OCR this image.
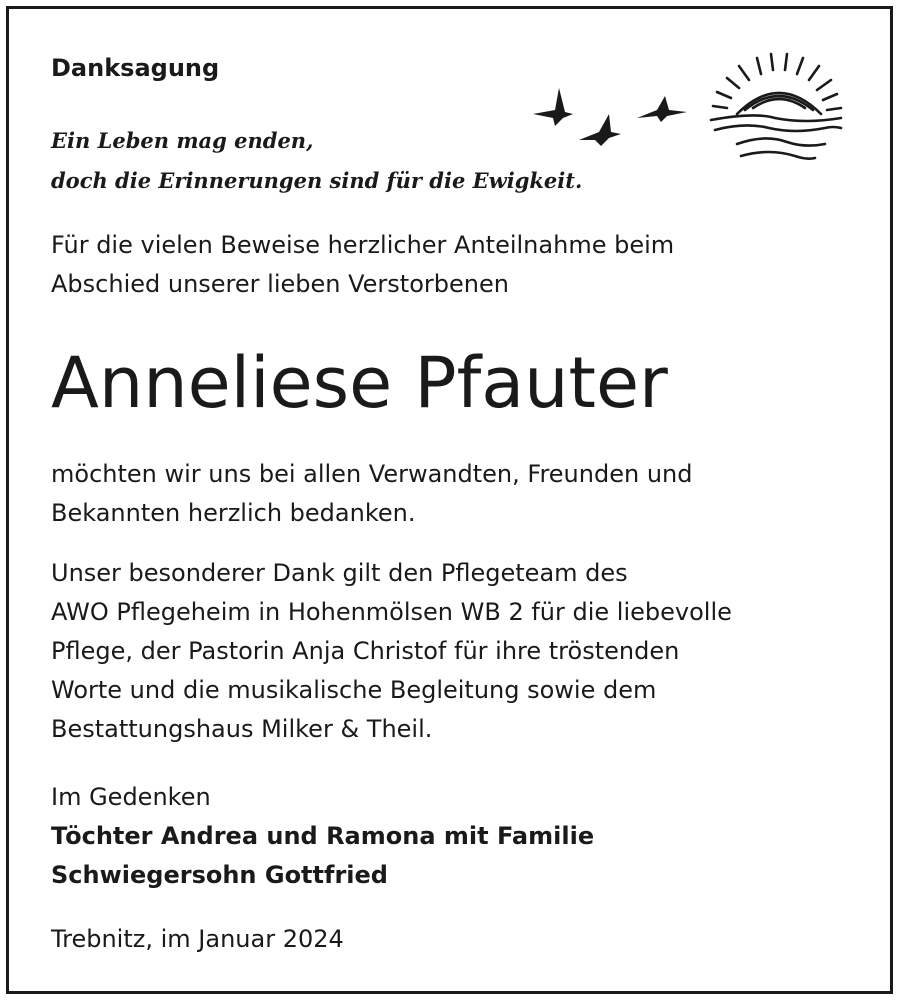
Danksagung
Ein Leben mag enden,
doch die Erinnerungen sind für die Ewigkeit.
Für die vielen Beweise herzlicher Anteilnahme beim
Abschied unserer lieben Verstorbenen
Anneliese Pfauter
möchten wir uns bei allen Verwandten, Freunden und
Bekannten herzlich bedanken.
Unser besonderer Dank gilt den Pflegeteam des
AWO Pflegeheim in Hohenmölsen WB 2 für die liebevolle
Pflege, der Pastorin Anja Christof für ihre tröstenden
Worte und die musikalische Begleitung sowie dem
Bestattungshaus Milker & Theil.
Im Gedenken
Töchter Andrea und Ramona mit Familie
Schwiegersohn Gottfried
Trebnitz, im Januar 2024
